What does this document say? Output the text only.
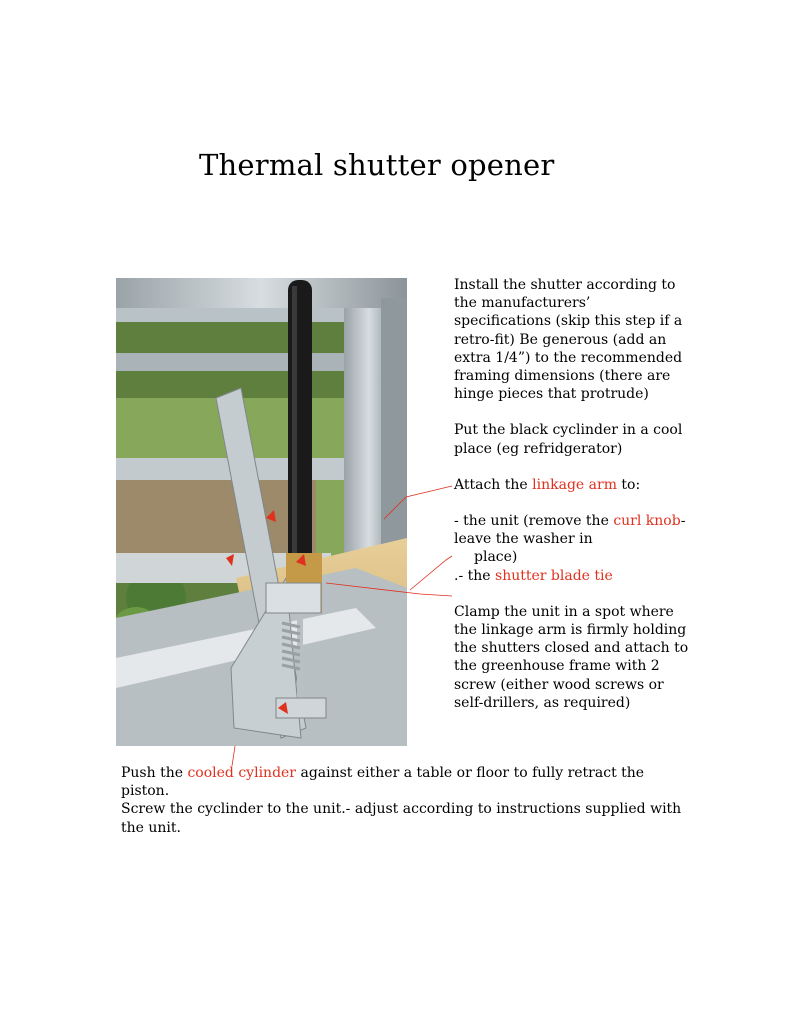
Thermal shutter opener

Install the shutter according to the manufacturers’ specifications (skip this step if a retro-fit) Be generous (add an extra 1/4”) to the recommended framing dimensions (there are hinge pieces that protrude)

Put the black cyclinder in a cool place (eg refridgerator)

Attach the linkage arm to:

- the unit (remove the curl knob-leave the washer in

place)

.- the shutter blade tie

Clamp the unit in a spot where the linkage arm is firmly holding the shutters closed and attach to the greenhouse frame with 2 screw (either wood screws or self-drillers, as required)

Push the cooled cylinder against either a table or floor to fully retract the piston.

Screw the cyclinder to the unit.- adjust according to instructions supplied with the unit.
